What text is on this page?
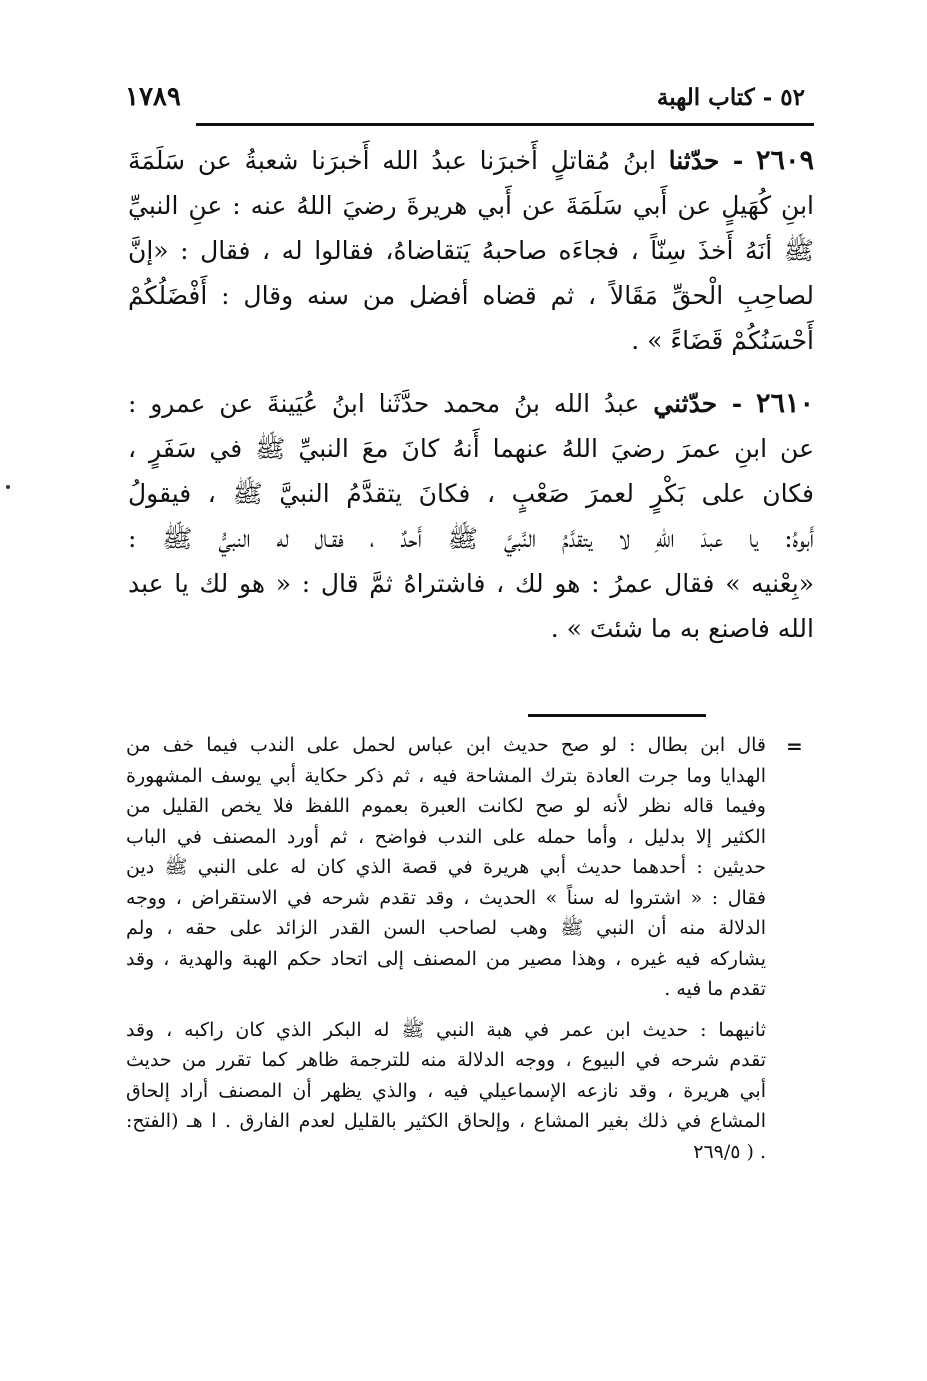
٥٢ - كتاب الهبة
١٧٨٩
٢٦٠٩ - حدّثنا ابنُ مُقاتلٍ أَخبرَنا عبدُ الله أَخبرَنا شعبةُ عن سَلَمَةَ
ابنِ كُهَيلٍ عن أَبي سَلَمَةَ عن أَبي هريرةَ رضيَ اللهُ عنه : عنِ النبيِّ
ﷺ أنَهُ أَخذَ سِنّاً ، فجاءَه صاحبهُ يَتقاضاهُ، فقالوا له ، فقال : «إنَّ
لصاحِبِ الْحقِّ مَقَالاً ، ثم قضاه أفضل من سنه وقال : أَفْضَلُكُمْ
أَحْسَنُكُمْ قَضَاءً » .
٢٦١٠ - حدّثني عبدُ الله بنُ محمد حدَّثَنا ابنُ عُيَينةَ عن عمرو :
عن ابنِ عمرَ رضيَ اللهُ عنهما أَنهُ كانَ معَ النبيِّ ﷺ في سَفَرٍ ،
فكان على بَكْرٍ لعمرَ صَعْبٍ ، فكانَ يتقدَّمُ النبيَّ ﷺ ، فيقولُ
أَبوهُ: يا عبدَ اللهِ لا يتقدَّمُ النَّبيَّ ﷺ أَحدٌ ، فقـال له النبيُّ ﷺ :
«بِعْنيه » فقال عمرُ : هو لك ، فاشتراهُ ثمَّ قال : « هو لك يا عبد
الله فاصنع به ما شئتَ » .
=
قال ابن بطال : لو صح حديث ابن عباس لحمل على الندب فيما خف من
الهدايا وما جرت العادة بترك المشاحة فيه ، ثم ذكر حكاية أبي يوسف المشهورة
وفيما قاله نظر لأنه لو صح لكانت العبرة بعموم اللفظ فلا يخص القليل من
الكثير إلا بدليل ، وأما حمله على الندب فواضح ، ثم أورد المصنف في الباب
حديثين : أحدهما حديث أبي هريرة في قصة الذي كان له على النبي ﷺ دين
فقال : « اشتروا له سناً » الحديث ، وقد تقدم شرحه في الاستقراض ، ووجه
الدلالة منه أن النبي ﷺ وهب لصاحب السن القدر الزائد على حقه ، ولم
يشاركه فيه غيره ، وهذا مصير من المصنف إلى اتحاد حكم الهبة والهدية ، وقد
تقدم ما فيه .
ثانيهما : حديث ابن عمر في هبة النبي ﷺ له البكر الذي كان راكبه ، وقد
تقدم شرحه في البيوع ، ووجه الدلالة منه للترجمة ظاهر كما تقرر من حديث
أبي هريرة ، وقد نازعه الإسماعيلي فيه ، والذي يظهر أن المصنف أراد إلحاق
المشاع في ذلك بغير المشاع ، وإلحاق الكثير بالقليل لعدم الفارق . ا هـ (الفتح:
. ( ٢٦٩/٥
